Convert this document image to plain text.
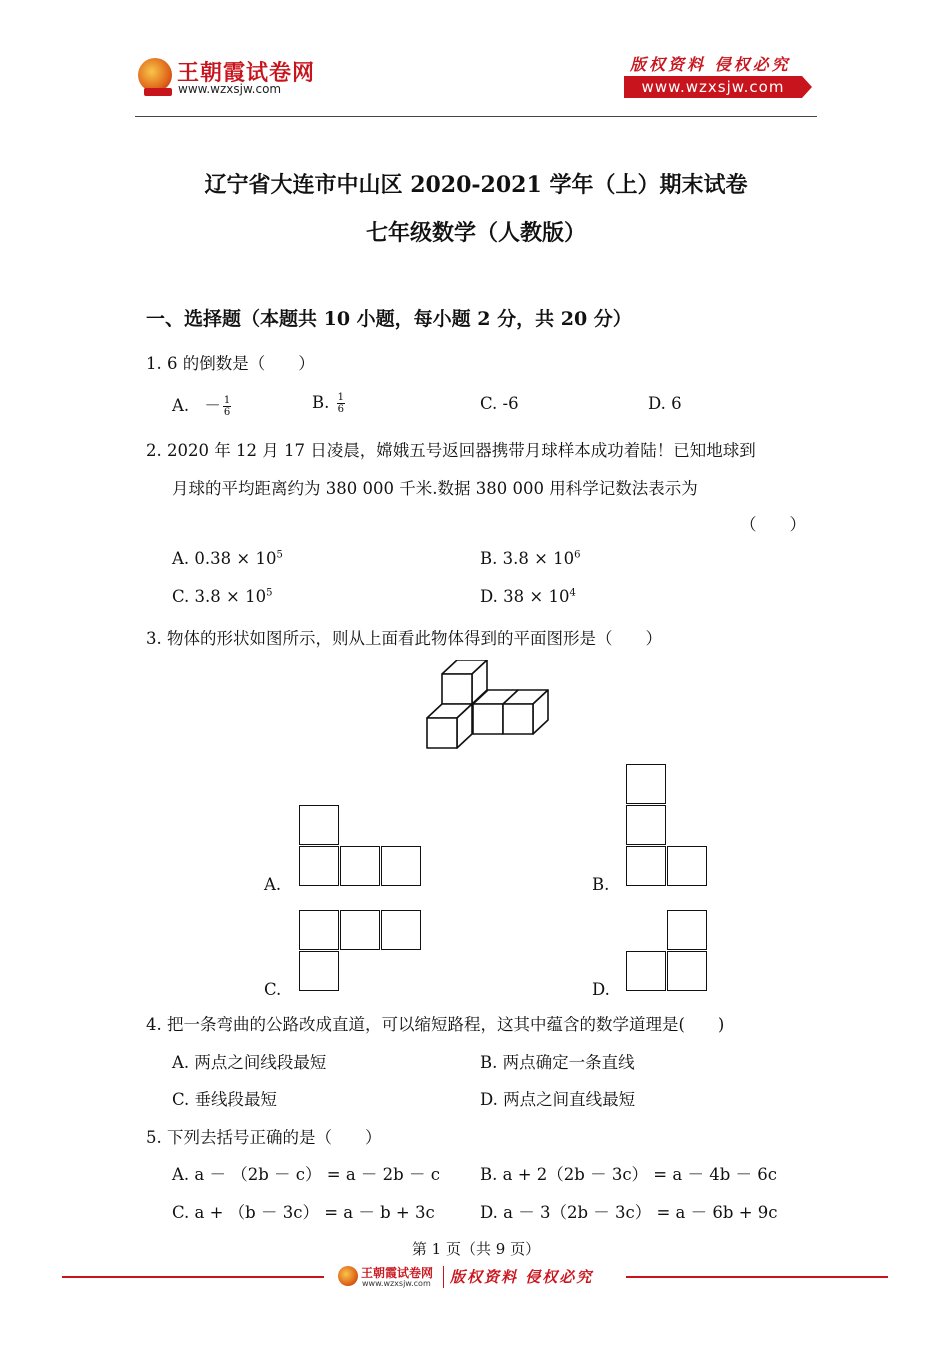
王朝霞试卷网
www.wzxsjw.com
版权资料 侵权必究
www.wzxsjw.com
辽宁省大连市中山区 2020-2021 学年（上）期末试卷
七年级数学（人教版）
一、选择题（本题共 10 小题，每小题 2 分，共 20 分）
1. 6 的倒数是（　　）
A. － $\frac{1}{6}$	B. $\frac{1}{6}$	C. -6	D. 6
2. 2020 年 12 月 17 日凌晨，嫦娥五号返回器携带月球样本成功着陆！已知地球到
月球的平均距离约为 380 000 千米.数据 380 000 用科学记数法表示为
（　　）
A. $0.38 \times 10^5$	B. $3.8 \times 10^6$
C. $3.8 \times 10^5$	D. $38 \times 10^4$
3. 物体的形状如图所示，则从上面看此物体得到的平面图形是（　　）
A.	B.
C.	D.
4. 把一条弯曲的公路改成直道，可以缩短路程，这其中蕴含的数学道理是(　　)
A. 两点之间线段最短	B. 两点确定一条直线
C. 垂线段最短	D. 两点之间直线最短
5. 下列去括号正确的是（　　）
A. a － （2b － c） = a － 2b － c B. a + 2（2b － 3c） = a － 4b － 6c
C. a + （b － 3c） = a － b + 3c	D. a － 3（2b － 3c） = a － 6b + 9c
第 1 页（共 9 页）
王朝霞试卷网
www.wzxsjw.com 版权资料 侵权必究
